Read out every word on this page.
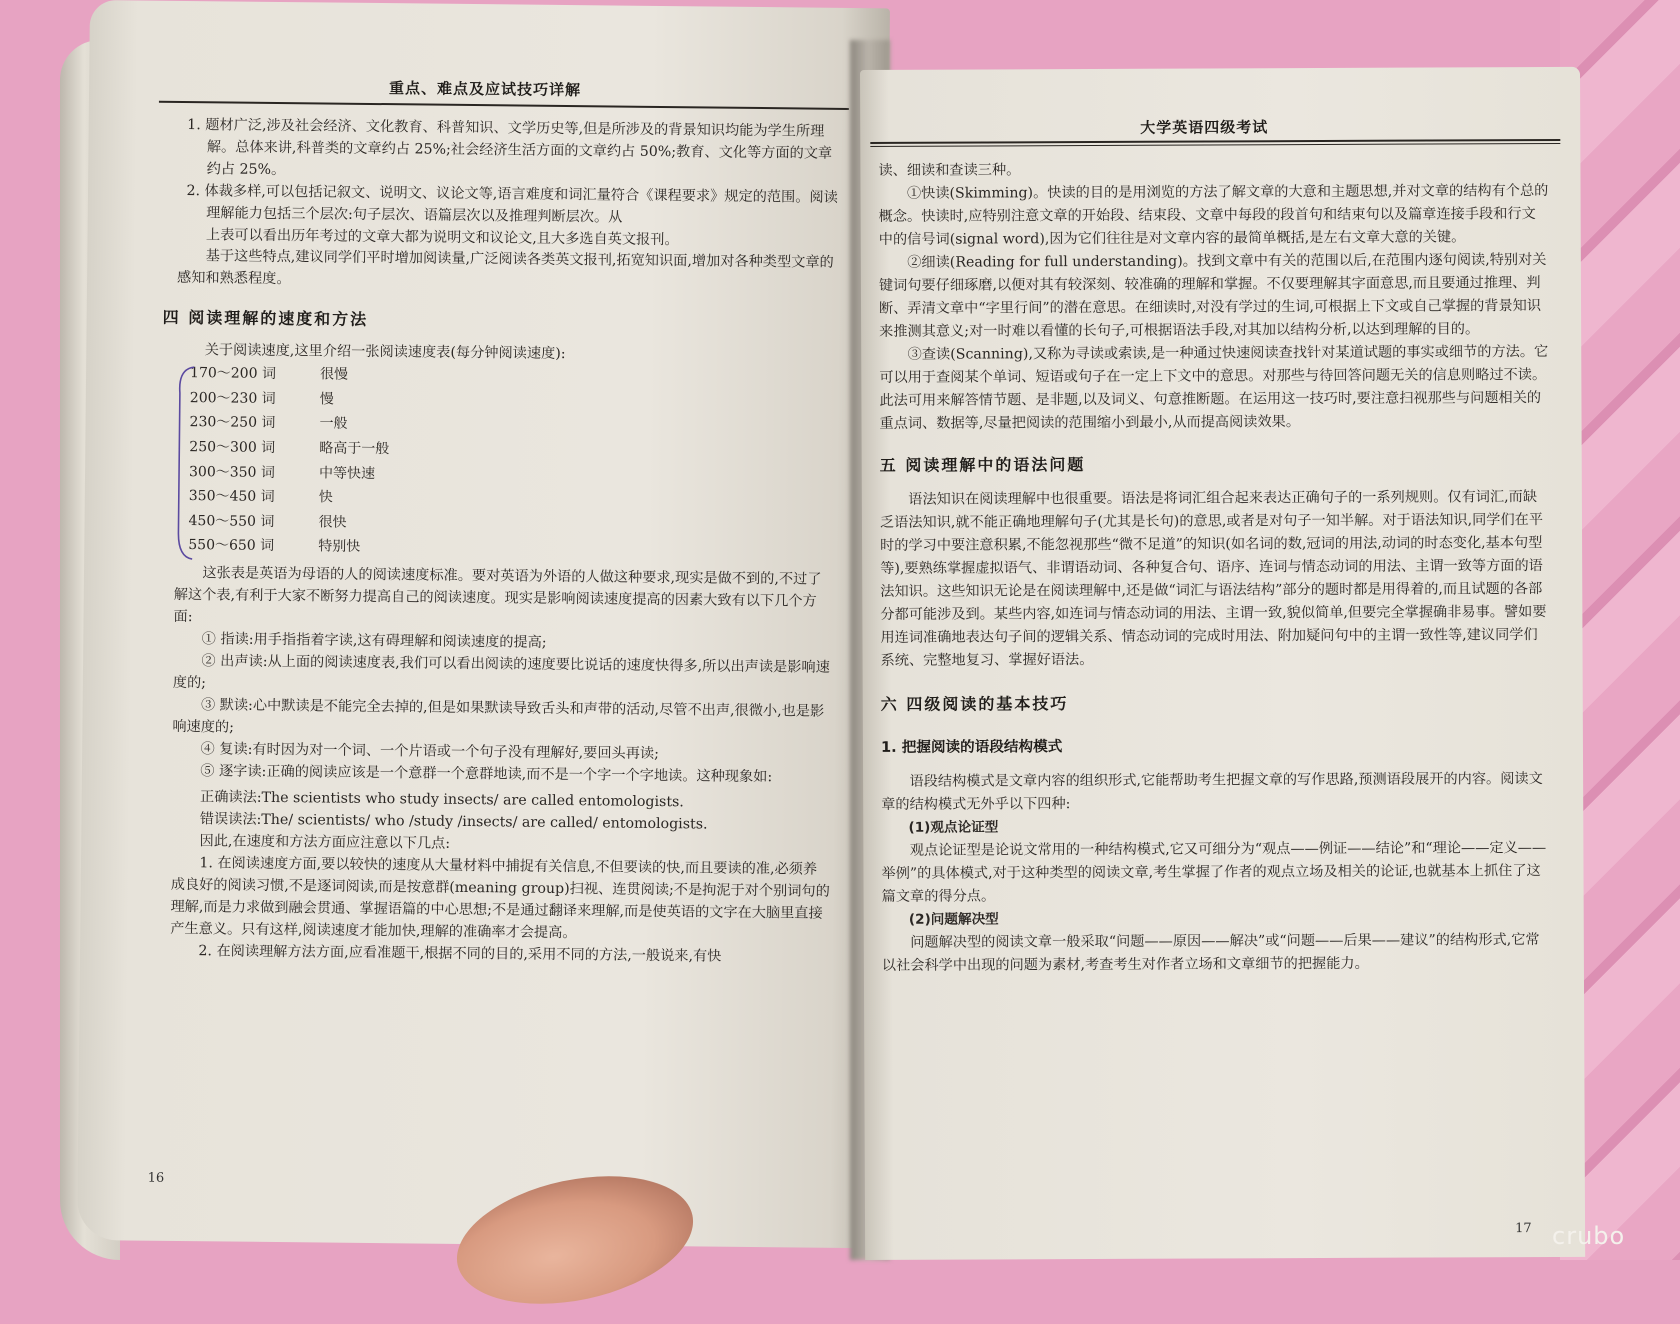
重点、难点及应试技巧详解

1. 题材广泛,涉及社会经济、文化教育、科普知识、文学历史等,但是所涉及的背景知识均能为学生所理解。总体来讲,科普类的文章约占 25%;社会经济生活方面的文章约占 50%;教育、文化等方面的文章约占 25%。

2. 体裁多样,可以包括记叙文、说明文、议论文等,语言难度和词汇量符合《课程要求》规定的范围。阅读理解能力包括三个层次:句子层次、语篇层次以及推理判断层次。从

上表可以看出历年考过的文章大都为说明文和议论文,且大多选自英文报刊。

基于这些特点,建议同学们平时增加阅读量,广泛阅读各类英文报刊,拓宽知识面,增加对各种类型文章的感知和熟悉程度。

四 阅读理解的速度和方法

关于阅读速度,这里介绍一张阅读速度表(每分钟阅读速度):

170～200 词	很慢
200～230 词	慢
230～250 词	一般
250～300 词	略高于一般
300～350 词	中等快速
350～450 词	快
450～550 词	很快
550～650 词	特别快

这张表是英语为母语的人的阅读速度标准。要对英语为外语的人做这种要求,现实是做不到的,不过了解这个表,有利于大家不断努力提高自己的阅读速度。现实是影响阅读速度提高的因素大致有以下几个方面:

① 指读:用手指指着字读,这有碍理解和阅读速度的提高;

② 出声读:从上面的阅读速度表,我们可以看出阅读的速度要比说话的速度快得多,所以出声读是影响速度的;

③ 默读:心中默读是不能完全去掉的,但是如果默读导致舌头和声带的活动,尽管不出声,很微小,也是影响速度的;

④ 复读:有时因为对一个词、一个片语或一个句子没有理解好,要回头再读;

⑤ 逐字读:正确的阅读应该是一个意群一个意群地读,而不是一个字一个字地读。这种现象如:

正确读法:The scientists who study insects/ are called entomologists.

错误读法:The/ scientists/ who /study /insects/ are called/ entomologists.

因此,在速度和方法方面应注意以下几点:

1. 在阅读速度方面,要以较快的速度从大量材料中捕捉有关信息,不但要读的快,而且要读的准,必须养成良好的阅读习惯,不是逐词阅读,而是按意群(meaning group)扫视、连贯阅读;不是拘泥于对个别词句的理解,而是力求做到融会贯通、掌握语篇的中心思想;不是通过翻译来理解,而是使英语的文字在大脑里直接产生意义。只有这样,阅读速度才能加快,理解的准确率才会提高。

2. 在阅读理解方法方面,应看准题干,根据不同的目的,采用不同的方法,一般说来,有快

16
大学英语四级考试

读、细读和查读三种。

①快读(Skimming)。快读的目的是用浏览的方法了解文章的大意和主题思想,并对文章的结构有个总的概念。快读时,应特别注意文章的开始段、结束段、文章中每段的段首句和结束句以及篇章连接手段和行文中的信号词(signal word),因为它们往往是对文章内容的最简单概括,是左右文章大意的关键。

②细读(Reading for full understanding)。找到文章中有关的范围以后,在范围内逐句阅读,特别对关键词句要仔细琢磨,以便对其有较深刻、较准确的理解和掌握。不仅要理解其字面意思,而且要通过推理、判断、弄清文章中“字里行间”的潜在意思。在细读时,对没有学过的生词,可根据上下文或自己掌握的背景知识来推测其意义;对一时难以看懂的长句子,可根据语法手段,对其加以结构分析,以达到理解的目的。

③查读(Scanning),又称为寻读或索读,是一种通过快速阅读查找针对某道试题的事实或细节的方法。它可以用于查阅某个单词、短语或句子在一定上下文中的意思。对那些与待回答问题无关的信息则略过不读。此法可用来解答情节题、是非题,以及词义、句意推断题。在运用这一技巧时,要注意扫视那些与问题相关的重点词、数据等,尽量把阅读的范围缩小到最小,从而提高阅读效果。

五 阅读理解中的语法问题

语法知识在阅读理解中也很重要。语法是将词汇组合起来表达正确句子的一系列规则。仅有词汇,而缺乏语法知识,就不能正确地理解句子(尤其是长句)的意思,或者是对句子一知半解。对于语法知识,同学们在平时的学习中要注意积累,不能忽视那些“微不足道”的知识(如名词的数,冠词的用法,动词的时态变化,基本句型等),要熟练掌握虚拟语气、非谓语动词、各种复合句、语序、连词与情态动词的用法、主谓一致等方面的语法知识。这些知识无论是在阅读理解中,还是做“词汇与语法结构”部分的题时都是用得着的,而且试题的各部分都可能涉及到。某些内容,如连词与情态动词的用法、主谓一致,貌似简单,但要完全掌握确非易事。譬如要用连词准确地表达句子间的逻辑关系、情态动词的完成时用法、附加疑问句中的主谓一致性等,建议同学们系统、完整地复习、掌握好语法。

六 四级阅读的基本技巧
1. 把握阅读的语段结构模式

语段结构模式是文章内容的组织形式,它能帮助考生把握文章的写作思路,预测语段展开的内容。阅读文章的结构模式无外乎以下四种:

(1)观点论证型

观点论证型是论说文常用的一种结构模式,它又可细分为“观点——例证——结论”和“理论——定义——举例”的具体模式,对于这种类型的阅读文章,考生掌握了作者的观点立场及相关的论证,也就基本上抓住了这篇文章的得分点。

(2)问题解决型

问题解决型的阅读文章一般采取“问题——原因——解决”或“问题——后果——建议”的结构形式,它常以社会科学中出现的问题为素材,考查考生对作者立场和文章细节的把握能力。

17 crubo
